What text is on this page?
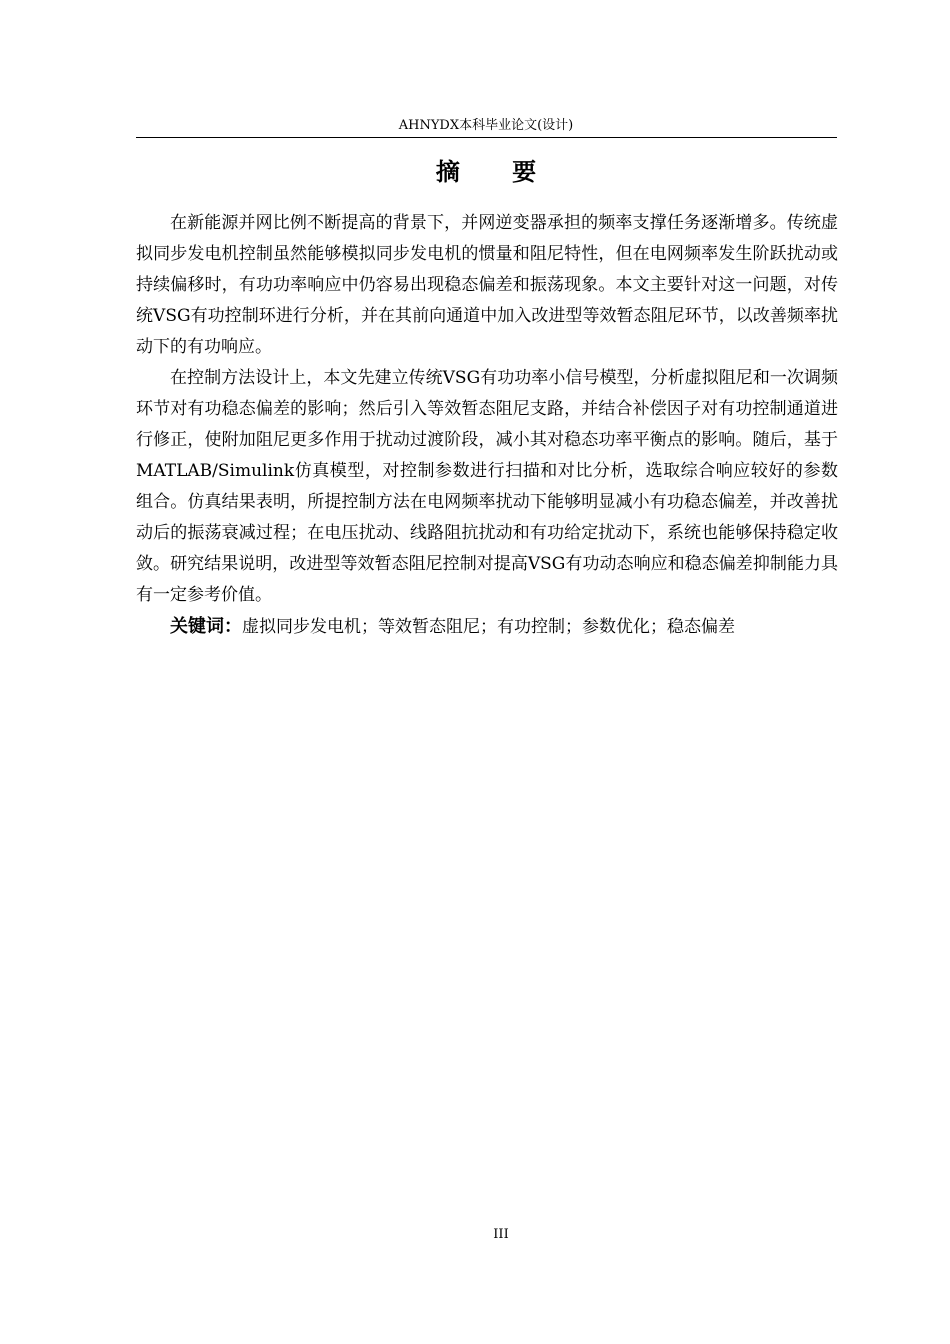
AHNYDX本科毕业论文(设计)
摘 要

在新能源并网比例不断提高的背景下，并网逆变器承担的频率支撑任务逐渐增多。传统虚拟同步发电机控制虽然能够模拟同步发电机的惯量和阻尼特性，但在电网频率发生阶跃扰动或持续偏移时，有功功率响应中仍容易出现稳态偏差和振荡现象。本文主要针对这一问题，对传统VSG有功控制环进行分析，并在其前向通道中加入改进型等效暂态阻尼环节，以改善频率扰动下的有功响应。

在控制方法设计上，本文先建立传统VSG有功功率小信号模型，分析虚拟阻尼和一次调频环节对有功稳态偏差的影响；然后引入等效暂态阻尼支路，并结合补偿因子对有功控制通道进行修正，使附加阻尼更多作用于扰动过渡阶段，减小其对稳态功率平衡点的影响。随后，基于MATLAB/Simulink仿真模型，对控制参数进行扫描和对比分析，选取综合响应较好的参数组合。仿真结果表明，所提控制方法在电网频率扰动下能够明显减小有功稳态偏差，并改善扰动后的振荡衰减过程；在电压扰动、线路阻抗扰动和有功给定扰动下，系统也能够保持稳定收敛。研究结果说明，改进型等效暂态阻尼控制对提高VSG有功动态响应和稳态偏差抑制能力具有一定参考价值。

关键词：虚拟同步发电机；等效暂态阻尼；有功控制；参数优化；稳态偏差

III
